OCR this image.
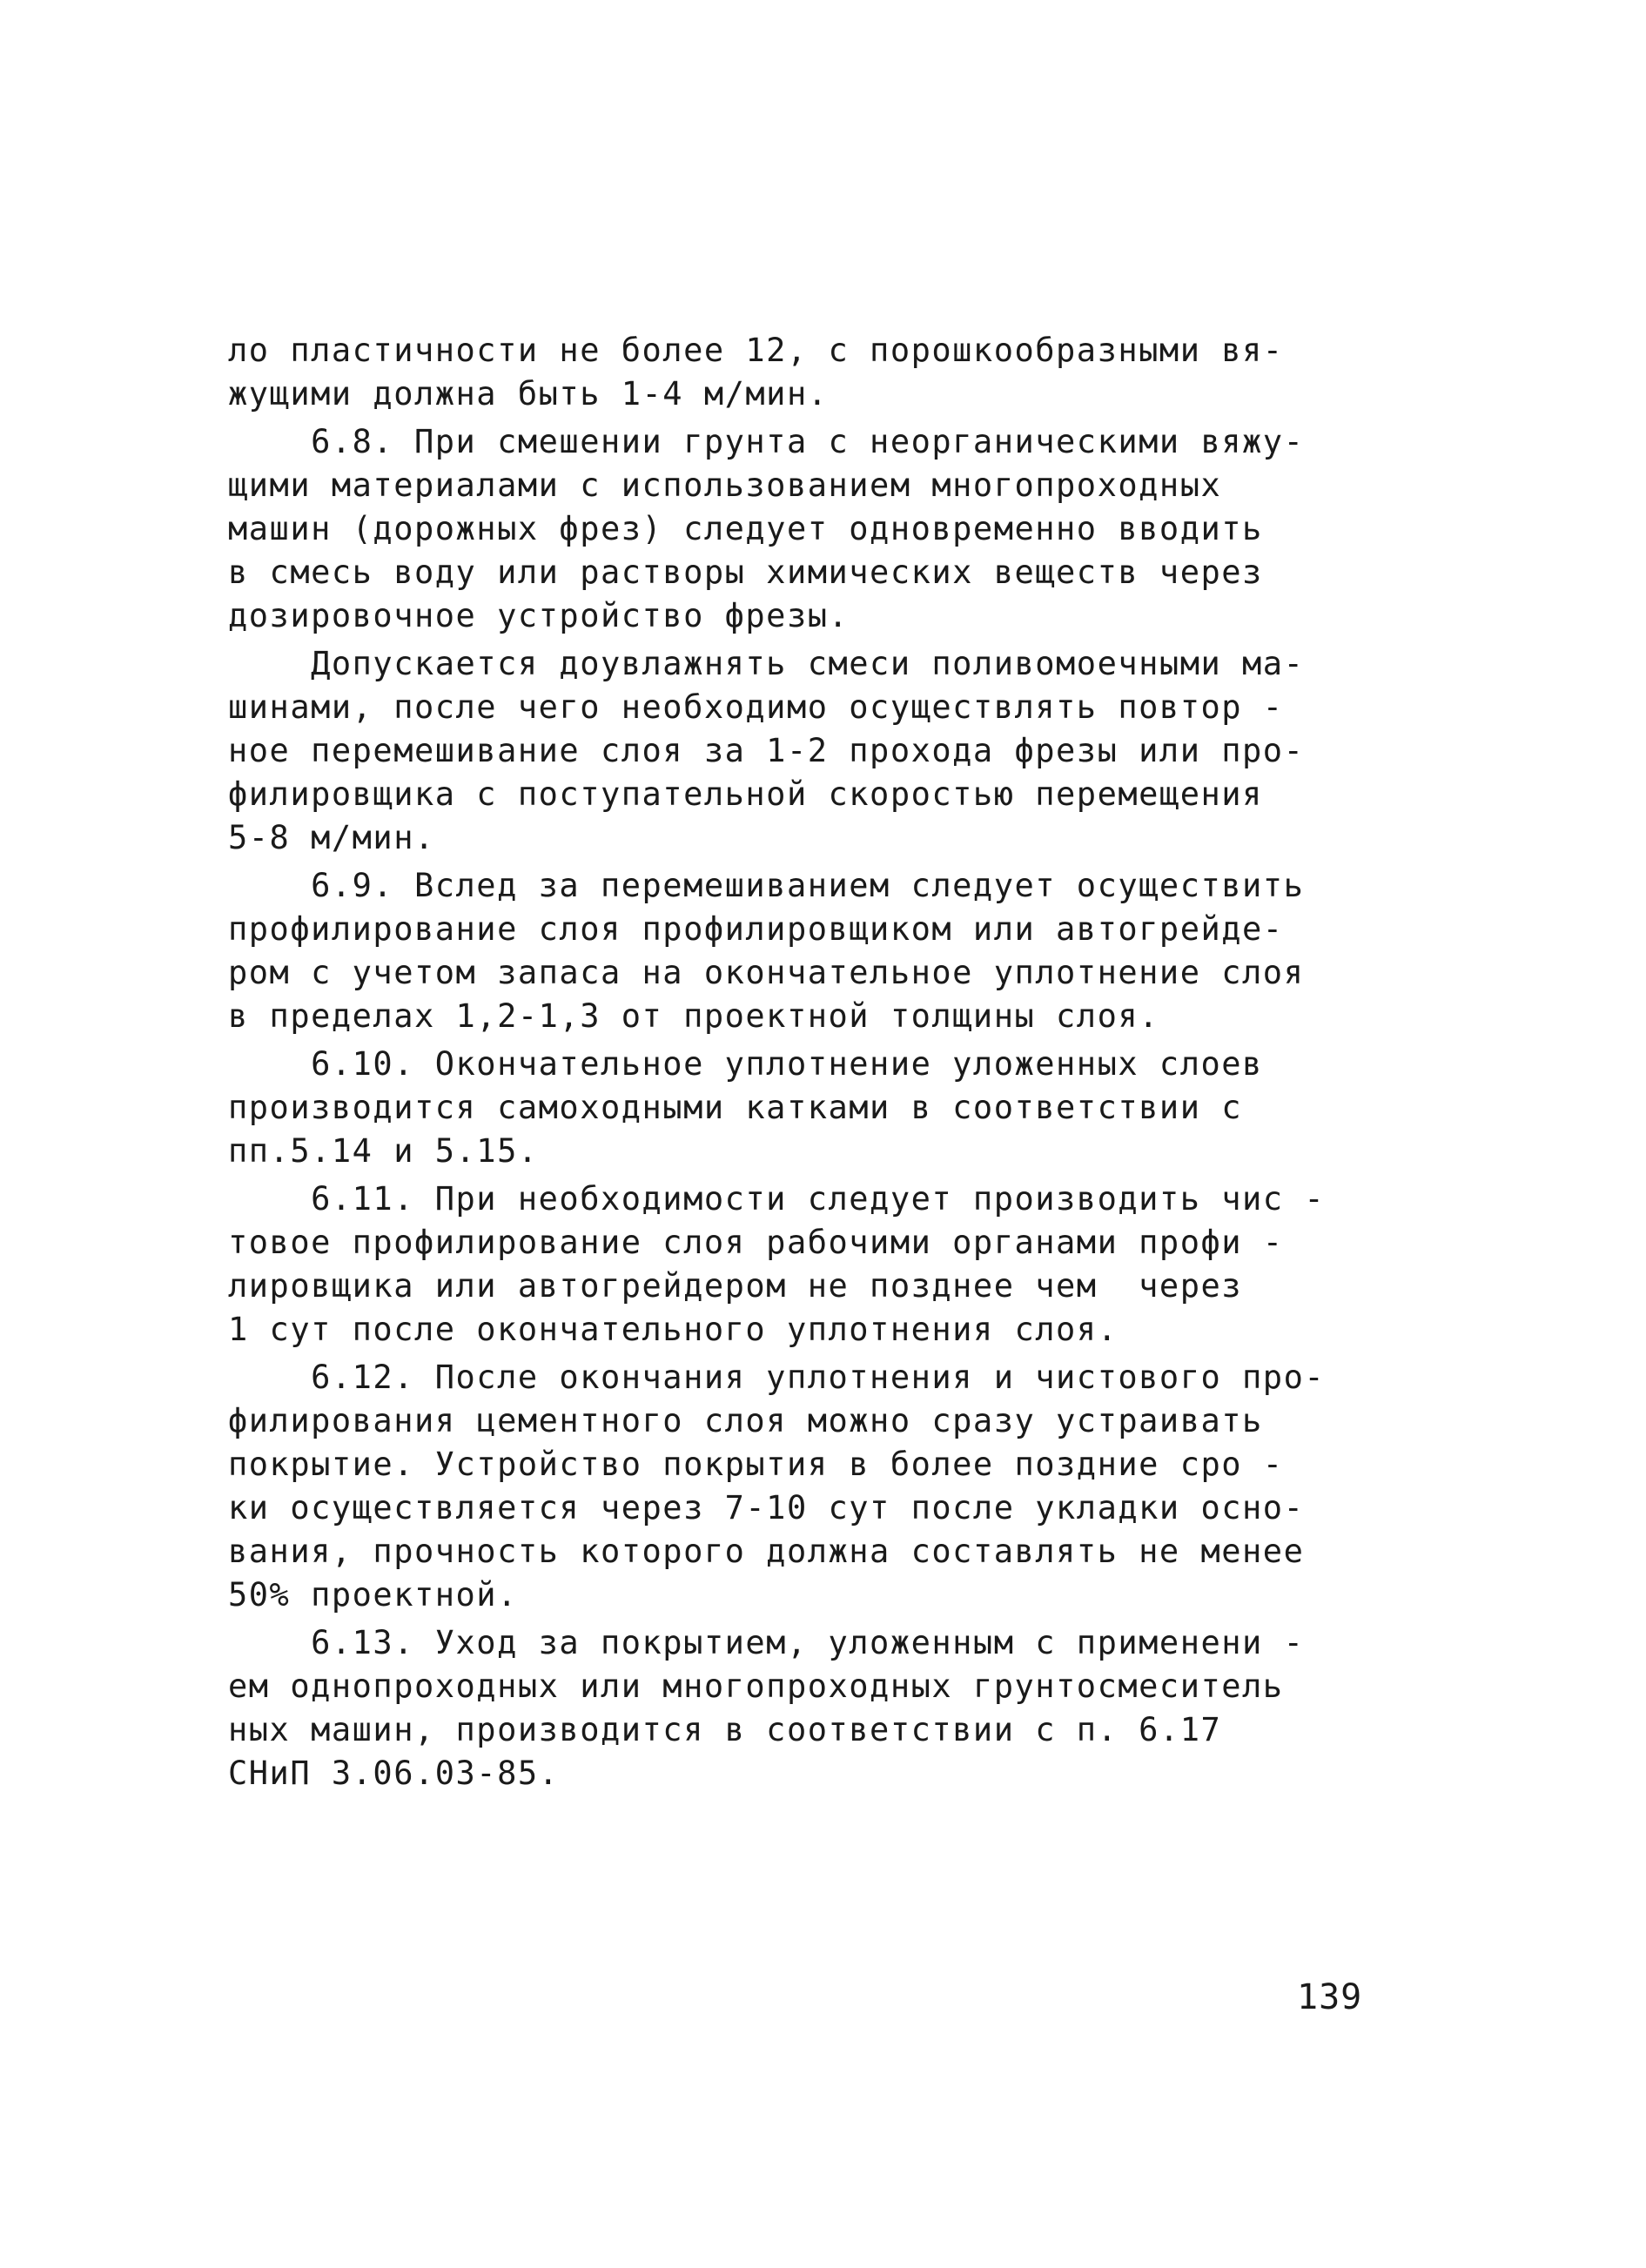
ло пластичности не более 12, с порошкообразными вя-
жущими должна быть 1-4 м/мин.
6.8. При смешении грунта с неорганическими вяжу-
щими материалами с использованием многопроходных
машин (дорожных фрез) следует одновременно вводить
в смесь воду или растворы химических веществ через
дозировочное устройство фрезы.
Допускается доувлажнять смеси поливомоечными ма-
шинами, после чего необходимо осуществлять повтор -
ное перемешивание слоя за 1-2 прохода фрезы или про-
филировщика с поступательной скоростью перемещения
5-8 м/мин.
6.9. Вслед за перемешиванием следует осуществить
профилирование слоя профилировщиком или автогрейде-
ром с учетом запаса на окончательное уплотнение слоя
в пределах 1,2-1,3 от проектной толщины слоя.
6.10. Окончательное уплотнение уложенных слоев
производится самоходными катками в соответствии с
пп.5.14 и 5.15.
6.11. При необходимости следует производить чис -
товое профилирование слоя рабочими органами профи -
лировщика или автогрейдером не позднее чем  через
1 сут после окончательного уплотнения слоя.
6.12. После окончания уплотнения и чистового про-
филирования цементного слоя можно сразу устраивать
покрытие. Устройство покрытия в более поздние сро -
ки осуществляется через 7-10 сут после укладки осно-
вания, прочность которого должна составлять не менее
50% проектной.
6.13. Уход за покрытием, уложенным с применени -
ем однопроходных или многопроходных грунтосмеситель
ных машин, производится в соответствии с п. 6.17
СНиП 3.06.03-85.
139
